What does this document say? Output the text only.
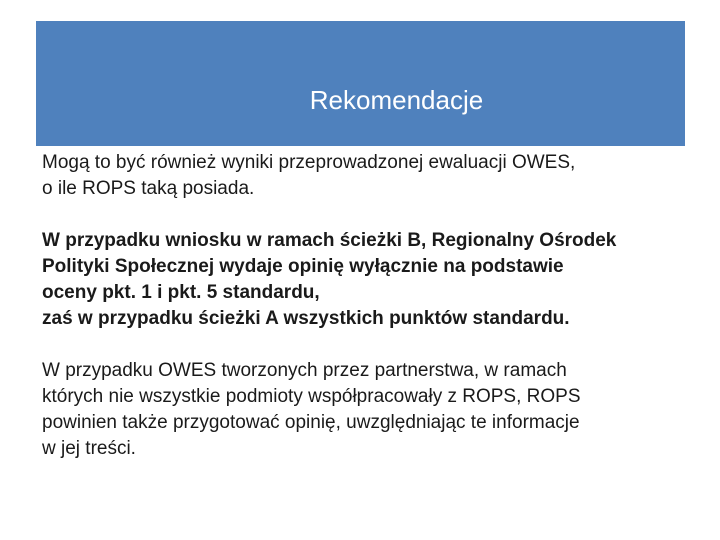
Rekomendacje

Mogą to być również wyniki przeprowadzonej ewaluacji OWES,
o ile ROPS taką posiada.

W przypadku wniosku w ramach ścieżki B, Regionalny Ośrodek
Polityki Społecznej wydaje opinię wyłącznie na podstawie
oceny pkt. 1 i pkt. 5 standardu,
zaś w przypadku ścieżki A wszystkich punktów standardu.

W przypadku OWES tworzonych przez partnerstwa, w ramach
których nie wszystkie podmioty współpracowały z ROPS, ROPS
powinien także przygotować opinię, uwzględniając te informacje
w jej treści.
